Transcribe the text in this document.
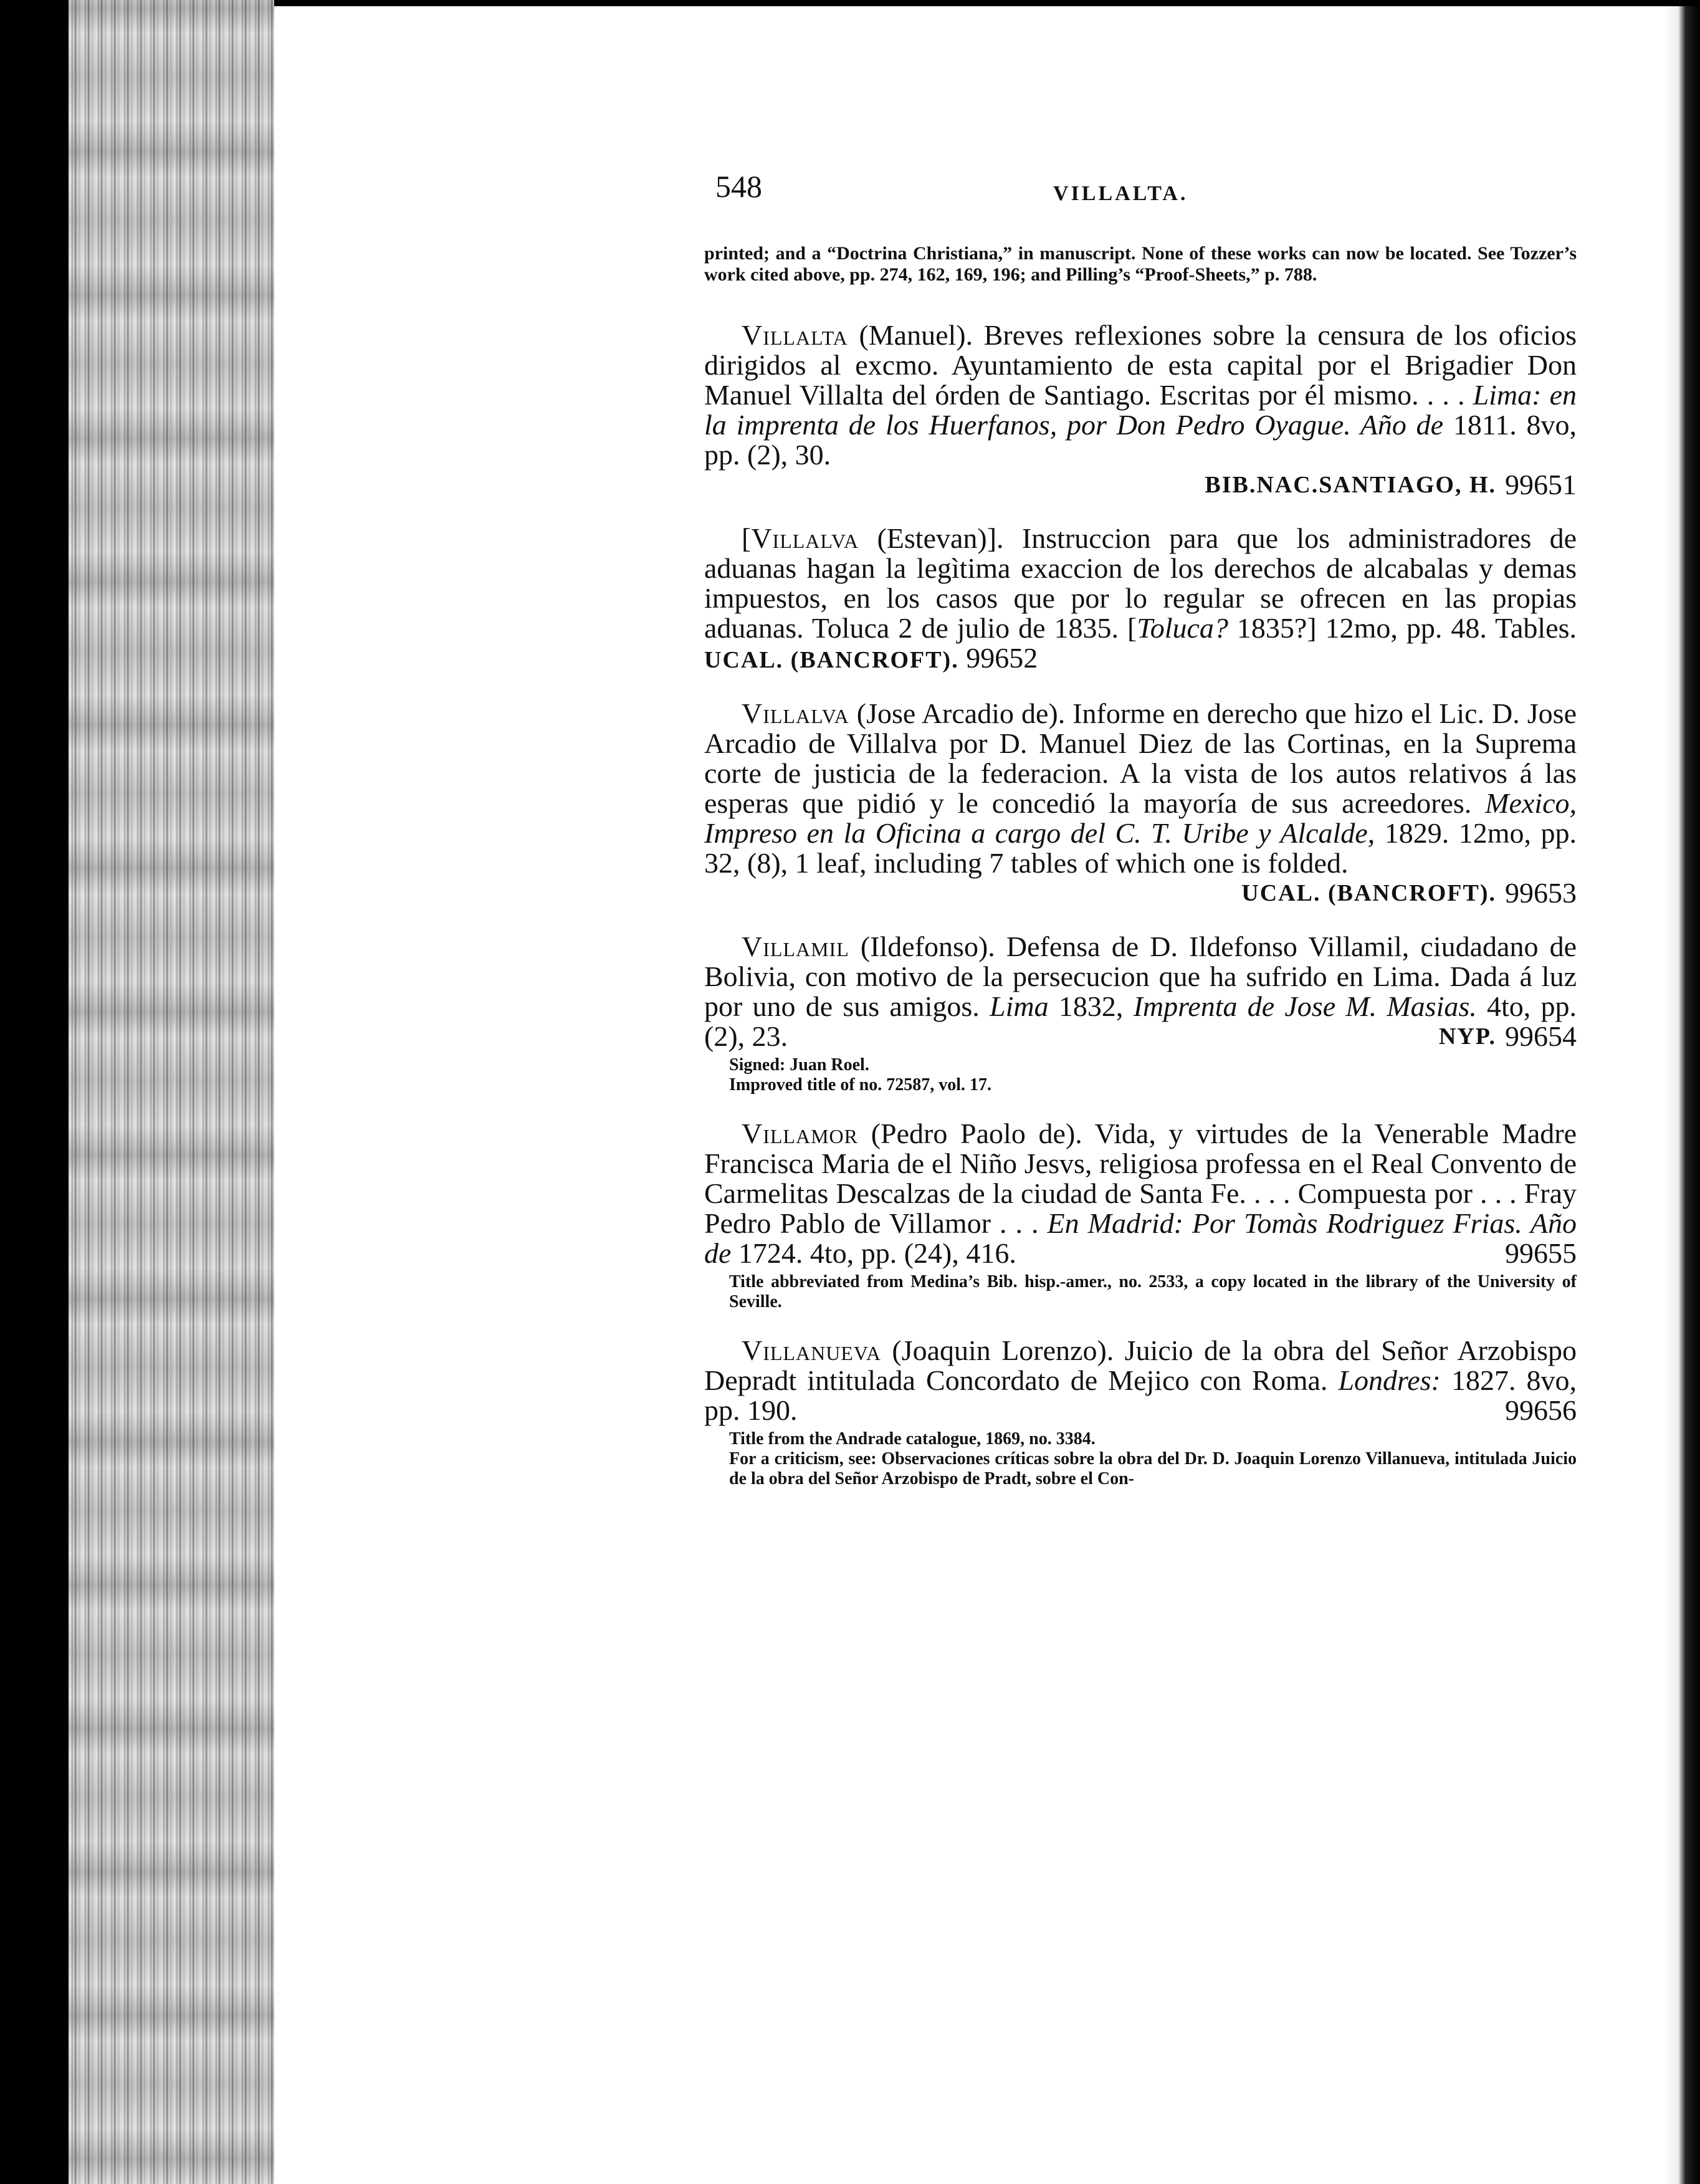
548	VILLALTA.

printed; and a “Doctrina Christiana,” in manuscript. None of these works can now be located. See Tozzer’s work cited above, pp. 274, 162, 169, 196; and Pilling’s “Proof-Sheets,” p. 788.

Villalta (Manuel). Breves reflexiones sobre la censura de los oficios dirigidos al excmo. Ayuntamiento de esta capital por el Brigadier Don Manuel Villalta del órden de Santiago. Escritas por él mismo. . . . Lima: en la imprenta de los Huerfanos, por Don Pedro Oyague. Año de 1811. 8vo, pp. (2), 30.

BIB.NAC.SANTIAGO, H. 99651

[Villalva (Estevan)]. Instruccion para que los administradores de aduanas hagan la legìtima exaccion de los derechos de alcabalas y demas impuestos, en los casos que por lo regular se ofrecen en las propias aduanas. Toluca 2 de julio de 1835. [Toluca? 1835?] 12mo, pp. 48. Tables. UCAL. (BANCROFT). 99652

Villalva (Jose Arcadio de). Informe en derecho que hizo el Lic. D. Jose Arcadio de Villalva por D. Manuel Diez de las Cortinas, en la Suprema corte de justicia de la federacion. A la vista de los autos relativos á las esperas que pidió y le concedió la mayoría de sus acreedores. Mexico, Impreso en la Oficina a cargo del C. T. Uribe y Alcalde, 1829. 12mo, pp. 32, (8), 1 leaf, including 7 tables of which one is folded.

UCAL. (BANCROFT). 99653

Villamil (Ildefonso). Defensa de D. Ildefonso Villamil, ciudadano de Bolivia, con motivo de la persecucion que ha sufrido en Lima. Dada á luz por uno de sus amigos. Lima 1832, Imprenta de Jose M. Masias. 4to, pp. (2), 23.	NYP. 99654

Signed: Juan Roel.

Improved title of no. 72587, vol. 17.

Villamor (Pedro Paolo de). Vida, y virtudes de la Venerable Madre Francisca Maria de el Niño Jesvs, religiosa professa en el Real Convento de Carmelitas Descalzas de la ciudad de Santa Fe. . . . Compuesta por . . . Fray Pedro Pablo de Villamor . . . En Madrid: Por Tomàs Rodriguez Frias. Año de 1724. 4to, pp. (24), 416.	99655

Title abbreviated from Medina’s Bib. hisp.-amer., no. 2533, a copy located in the library of the University of Seville.

Villanueva (Joaquin Lorenzo). Juicio de la obra del Señor Arzobispo Depradt intitulada Concordato de Mejico con Roma. Londres: 1827. 8vo, pp. 190.	99656

Title from the Andrade catalogue, 1869, no. 3384.

For a criticism, see: Observaciones críticas sobre la obra del Dr. D. Joaquin Lorenzo Villanueva, intitulada Juicio de la obra del Señor Arzobispo de Pradt, sobre el Con-
